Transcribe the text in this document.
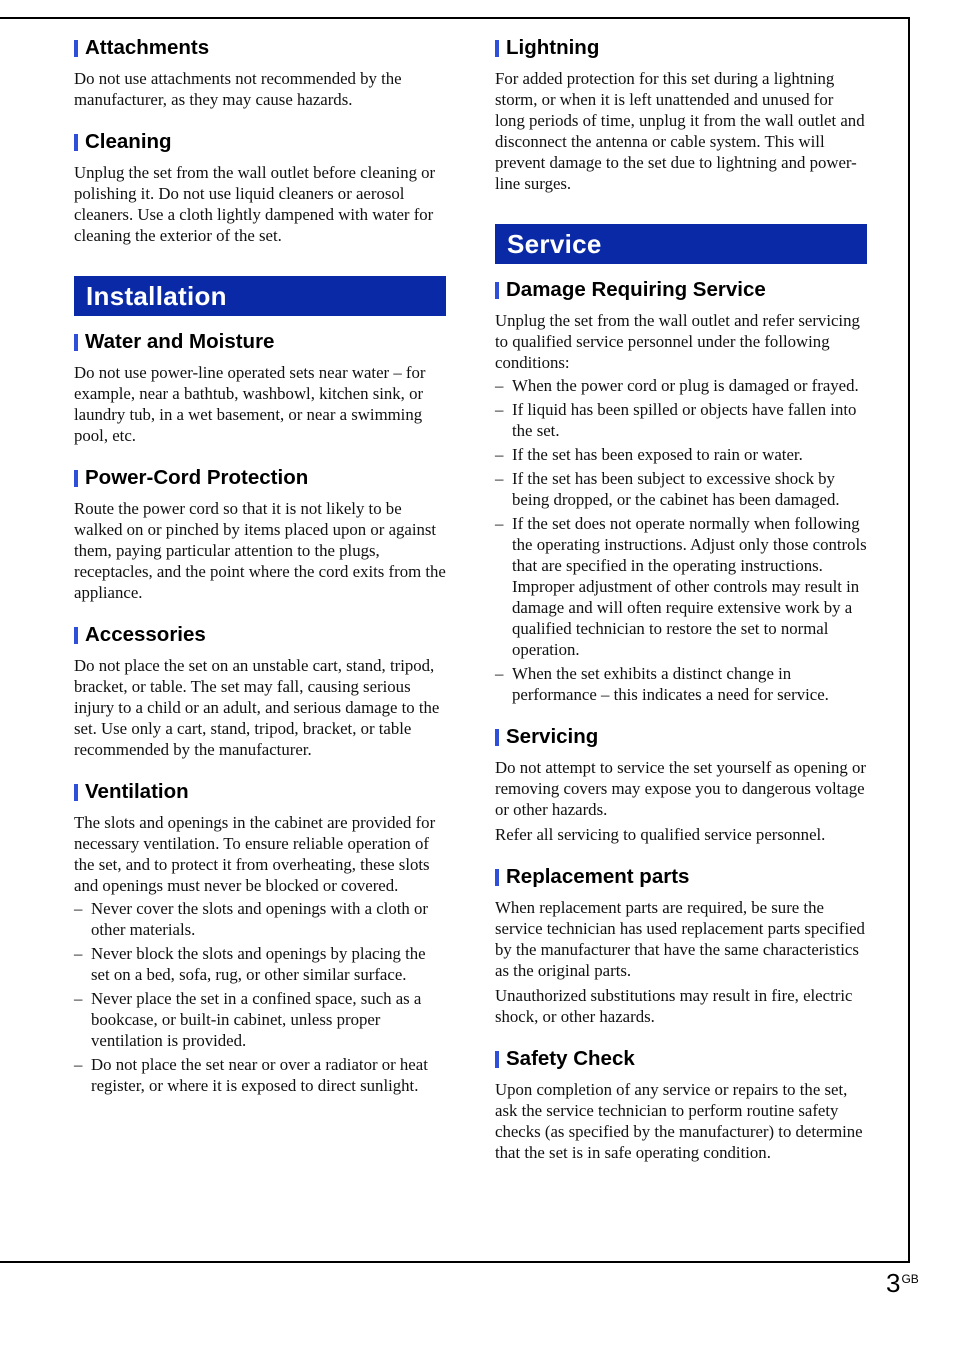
Attachments

Do not use attachments not recommended by the manufacturer, as they may cause hazards.

Cleaning

Unplug the set from the wall outlet before cleaning or polishing it. Do not use liquid cleaners or aerosol cleaners. Use a cloth lightly dampened with water for cleaning the exterior of the set.

Installation
Water and Moisture

Do not use power-line operated sets near water – for example, near a bathtub, washbowl, kitchen sink, or laundry tub, in a wet basement, or near a swimming pool, etc.

Power-Cord Protection

Route the power cord so that it is not likely to be walked on or pinched by items placed upon or against them, paying particular attention to the plugs, receptacles, and the point where the cord exits from the appliance.

Accessories

Do not place the set on an unstable cart, stand, tripod, bracket, or table. The set may fall, causing serious injury to a child or an adult, and serious damage to the set. Use only a cart, stand, tripod, bracket, or table recommended by the manufacturer.

Ventilation

The slots and openings in the cabinet are provided for necessary ventilation. To ensure reliable operation of the set, and to protect it from overheating, these slots and openings must never be blocked or covered.

– Never cover the slots and openings with a cloth or other materials.
– Never block the slots and openings by placing the set on a bed, sofa, rug, or other similar surface.
– Never place the set in a confined space, such as a bookcase, or built-in cabinet, unless proper ventilation is provided.
– Do not place the set near or over a radiator or heat register, or where it is exposed to direct sunlight.
Lightning

For added protection for this set during a lightning storm, or when it is left unattended and unused for long periods of time, unplug it from the wall outlet and disconnect the antenna or cable system. This will prevent damage to the set due to lightning and power-line surges.

Service
Damage Requiring Service

Unplug the set from the wall outlet and refer servicing to qualified service personnel under the following conditions:

– When the power cord or plug is damaged or frayed.
– If liquid has been spilled or objects have fallen into the set.
– If the set has been exposed to rain or water.
– If the set has been subject to excessive shock by being dropped, or the cabinet has been damaged.
– If the set does not operate normally when following the operating instructions. Adjust only those controls that are specified in the operating instructions. Improper adjustment of other controls may result in damage and will often require extensive work by a qualified technician to restore the set to normal operation.
– When the set exhibits a distinct change in performance – this indicates a need for service.
Servicing

Do not attempt to service the set yourself as opening or removing covers may expose you to dangerous voltage or other hazards.

Refer all servicing to qualified service personnel.

Replacement parts

When replacement parts are required, be sure the service technician has used replacement parts specified by the manufacturer that have the same characteristics as the original parts.

Unauthorized substitutions may result in fire, electric shock, or other hazards.

Safety Check

Upon completion of any service or repairs to the set, ask the service technician to perform routine safety checks (as specified by the manufacturer) to determine that the set is in safe operating condition.

$3^{GB}$
